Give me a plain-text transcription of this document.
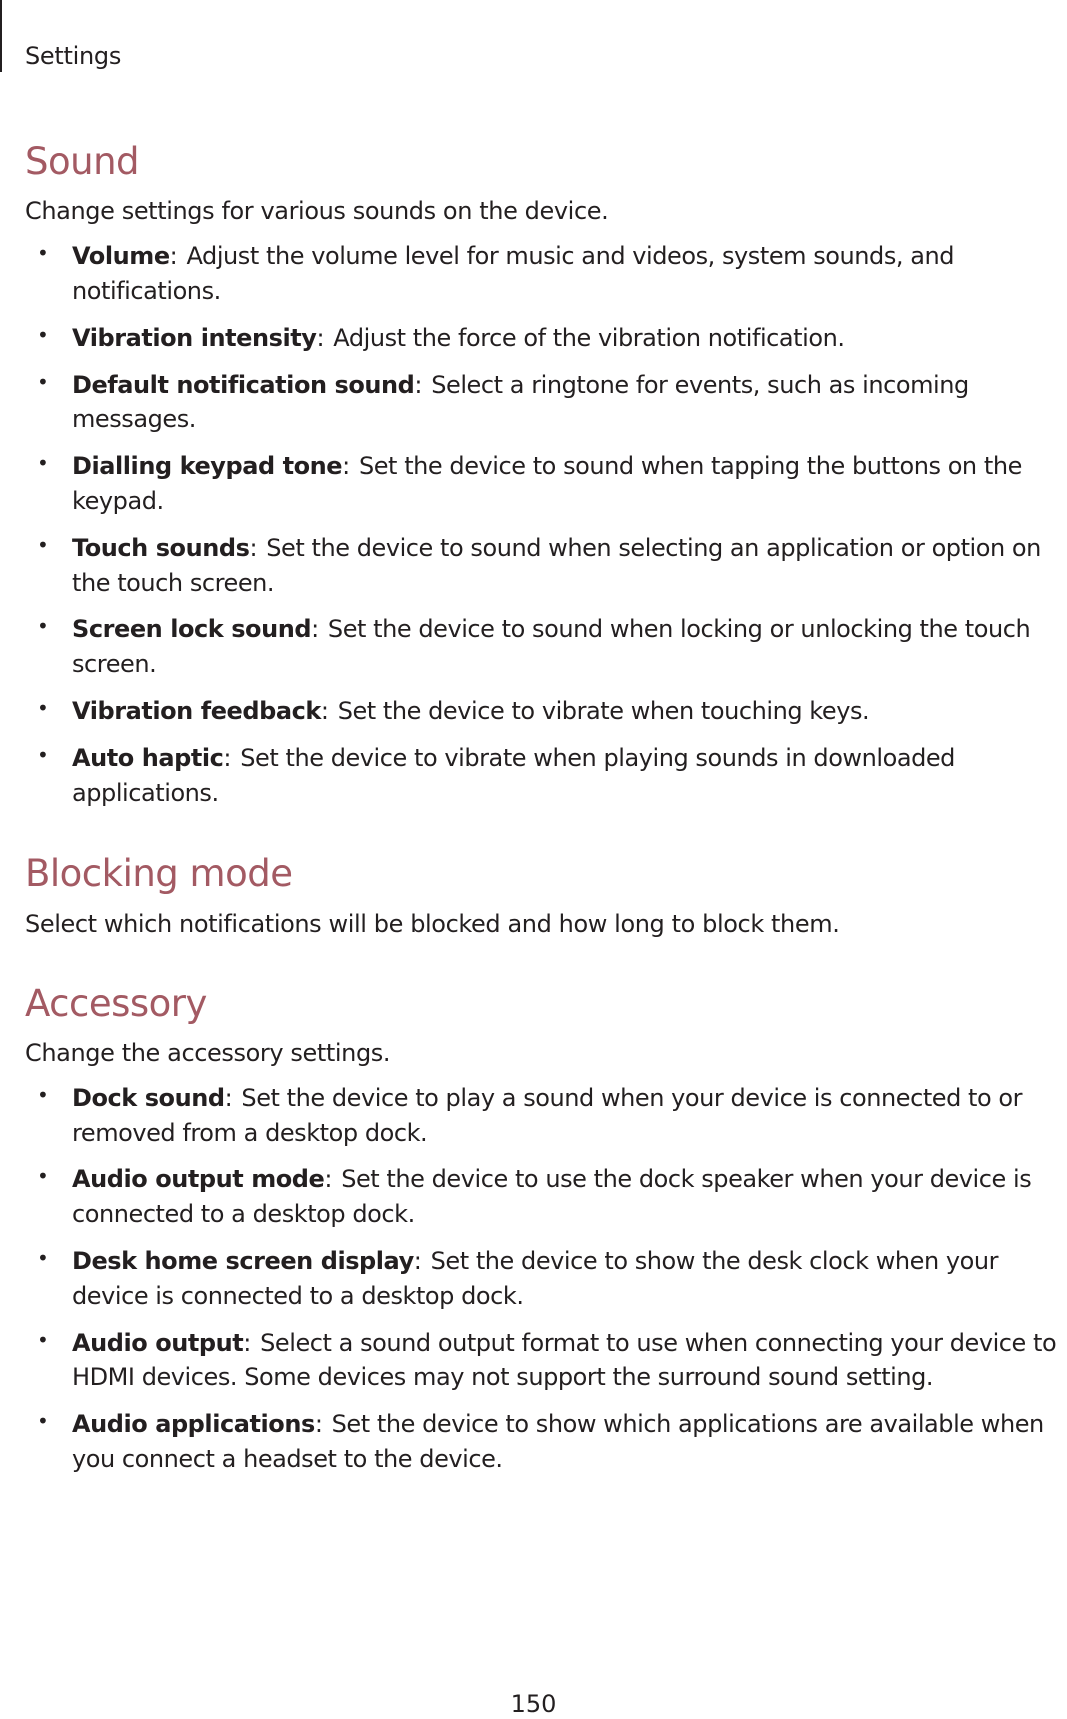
Settings
Sound

Change settings for various sounds on the device.

• Volume: Adjust the volume level for music and videos, system sounds, and notifications.
• Vibration intensity: Adjust the force of the vibration notification.
• Default notification sound: Select a ringtone for events, such as incoming messages.
• Dialling keypad tone: Set the device to sound when tapping the buttons on the keypad.
• Touch sounds: Set the device to sound when selecting an application or option on the touch screen.
• Screen lock sound: Set the device to sound when locking or unlocking the touch screen.
• Vibration feedback: Set the device to vibrate when touching keys.
• Auto haptic: Set the device to vibrate when playing sounds in downloaded applications.
Blocking mode

Select which notifications will be blocked and how long to block them.

Accessory

Change the accessory settings.

• Dock sound: Set the device to play a sound when your device is connected to or removed from a desktop dock.
• Audio output mode: Set the device to use the dock speaker when your device is connected to a desktop dock.
• Desk home screen display: Set the device to show the desk clock when your device is connected to a desktop dock.
• Audio output: Select a sound output format to use when connecting your device to HDMI devices. Some devices may not support the surround sound setting.
• Audio applications: Set the device to show which applications are available when you connect a headset to the device.
150
